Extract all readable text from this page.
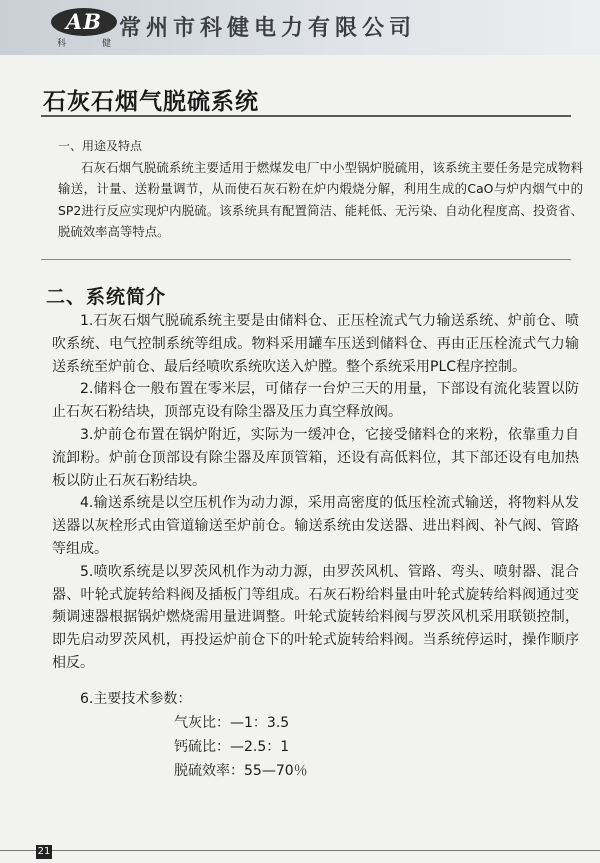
AB
科	健
常州市科健电力有限公司
石灰石烟气脱硫系统
一、用途及特点

石灰石烟气脱硫系统主要适用于燃煤发电厂中小型锅炉脱硫用，该系统主要任务是完成物料输送，计量、送粉量调节，从而使石灰石粉在炉内煅烧分解，利用生成的CaO与炉内烟气中的SP2进行反应实现炉内脱硫。该系统具有配置简洁、能耗低、无污染、自动化程度高、投资省、脱硫效率高等特点。

二、系统简介

1.石灰石烟气脱硫系统主要是由储料仓、正压栓流式气力输送系统、炉前仓、喷吹系统、电气控制系统等组成。物料采用罐车压送到储料仓、再由正压栓流式气力输送系统至炉前仓、最后经喷吹系统吹送入炉膛。整个系统采用PLC程序控制。

2.储料仓一般布置在零米层，可储存一台炉三天的用量，下部设有流化装置以防止石灰石粉结块，顶部克设有除尘器及压力真空释放阀。

3.炉前仓布置在锅炉附近，实际为一缓冲仓，它接受储料仓的来粉，依靠重力自流卸粉。炉前仓顶部设有除尘器及库顶管箱，还设有高低料位，其下部还设有电加热板以防止石灰石粉结块。

4.输送系统是以空压机作为动力源，采用高密度的低压栓流式输送，将物料从发送器以灰栓形式由管道输送至炉前仓。输送系统由发送器、进出料阀、补气阀、管路等组成。

5.喷吹系统是以罗茨风机作为动力源，由罗茨风机、管路、弯头、喷射器、混合器、叶轮式旋转给料阀及插板门等组成。石灰石粉给料量由叶轮式旋转给料阀通过变频调速器根据锅炉燃烧需用量进调整。叶轮式旋转给料阀与罗茨风机采用联锁控制，即先启动罗茨风机，再投运炉前仓下的叶轮式旋转给料阀。当系统停运时，操作顺序相反。

6.主要技术参数：
气灰比：—1：3.5
钙硫比：—2.5：1
脱硫效率：55—70％
21
